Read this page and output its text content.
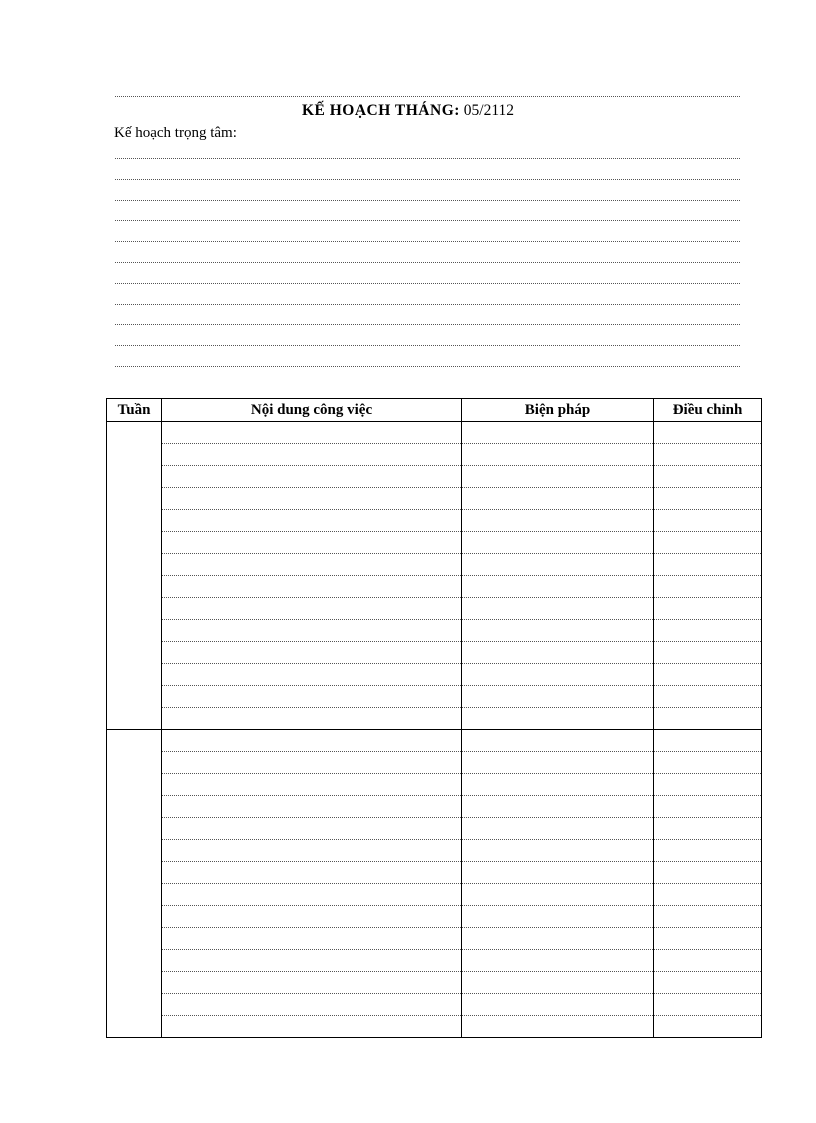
KẾ HOẠCH THÁNG: 05/2112
Kế hoạch trọng tâm:
Tuần	Nội dung công việc	Biện pháp	Điều chỉnh
